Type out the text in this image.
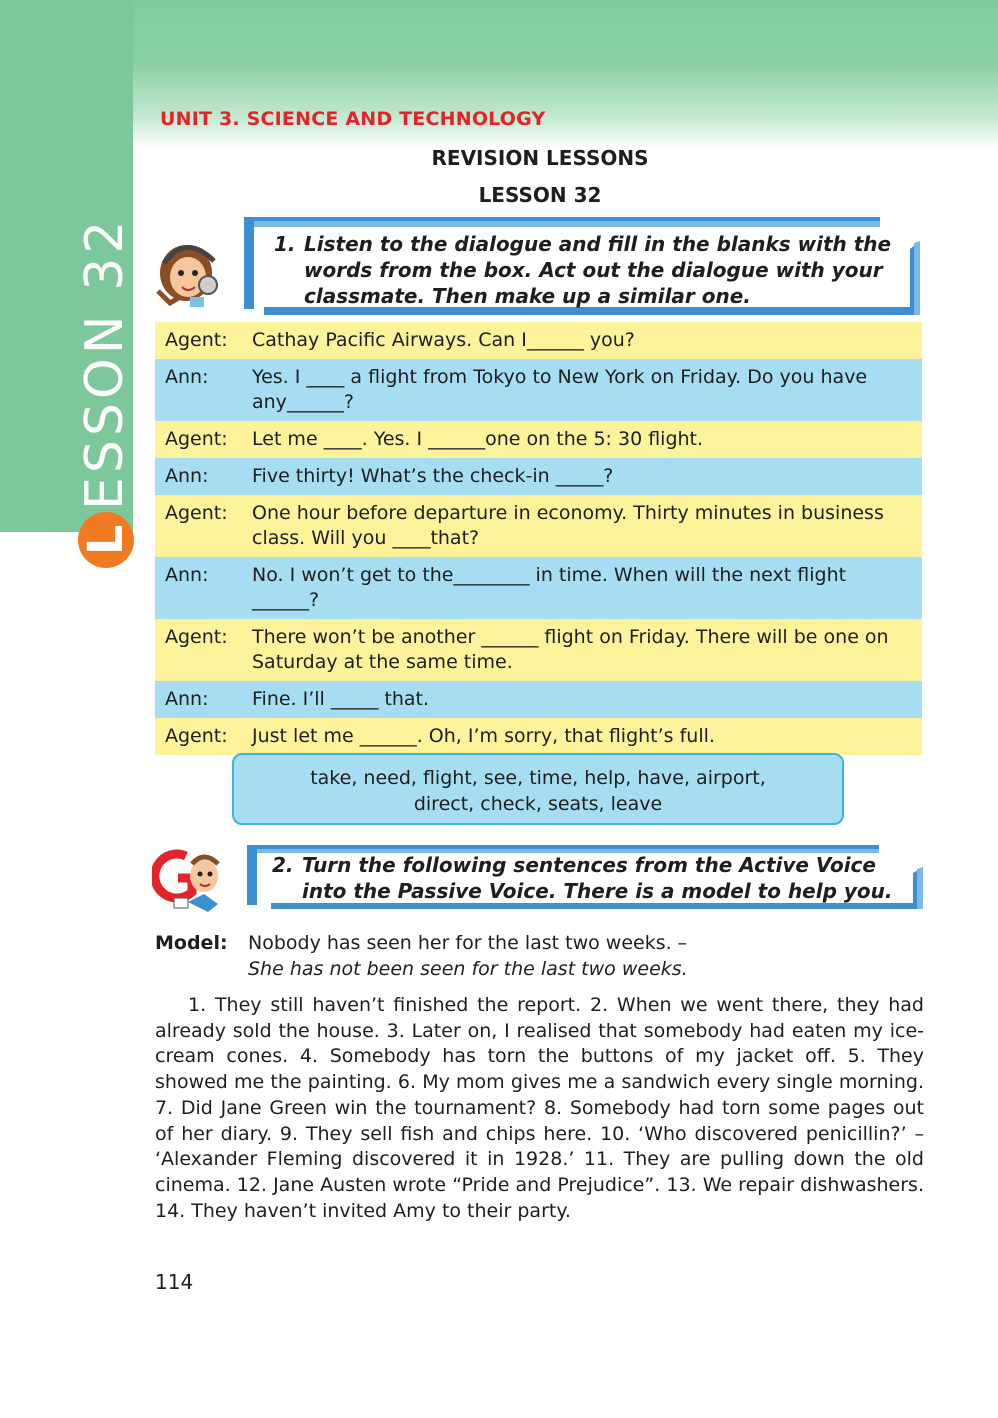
ESSON 32
L
UNIT 3. SCIENCE AND TECHNOLOGY
REVISION LESSONS
LESSON 32
1. Listen to the dialogue and fill in the blanks with the
words from the box. Act out the dialogue with your
classmate. Then make up a similar one.
Agent:	Cathay Pacific Airways. Can I______ you?
Ann:	Yes. I ____ a flight from Tokyo to New York on Friday. Do you have any______?
Agent:	Let me ____. Yes. I ______one on the 5: 30 flight.
Ann:	Five thirty! What’s the check-in _____?
Agent:	One hour before departure in economy. Thirty minutes in business class. Will you ____that?
Ann:	No. I won’t get to the________ in time. When will the next flight ______?
Agent:	There won’t be another ______ flight on Friday. There will be one on Saturday at the same time.
Ann:	Fine. I’ll _____ that.
Agent:	Just let me ______. Oh, I’m sorry, that flight’s full.
take, need, flight, see, time, help, have, airport,
direct, check, seats, leave
2. Turn the following sentences from the Active Voice
into the Passive Voice. There is a model to help you.
Model: Nobody has seen her for the last two weeks. –
She has not been seen for the last two weeks.
1. They still haven’t finished the report. 2. When we went there, they had already sold the house. 3. Later on, I realised that somebody had eaten my ice-cream cones. 4. Somebody has torn the buttons of my jacket off. 5. They showed me the painting. 6. My mom gives me a sandwich every single morning. 7. Did Jane Green win the tournament? 8. Somebody had torn some pages out of her diary. 9. They sell fish and chips here. 10. ‘Who discovered penicillin?’ – ‘Alexander Fleming discovered it in 1928.’ 11. They are pulling down the old cinema. 12. Jane Austen wrote “Pride and Prejudice”. 13. We repair dishwashers. 14. They haven’t invited Amy to their party.
114
